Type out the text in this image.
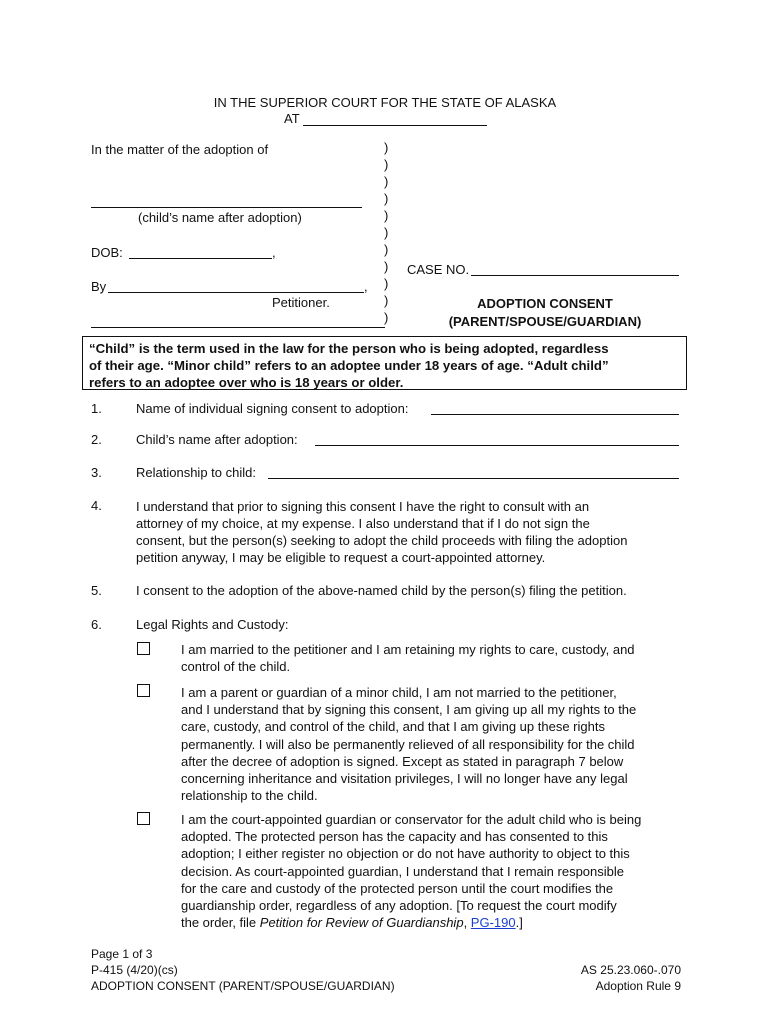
IN THE SUPERIOR COURT FOR THE STATE OF ALASKA
AT
In the matter of the adoption of
(child’s name after adoption)
DOB:	,
By	,
Petitioner.
)
)
)
)
)
)
)
)
)
)
)
CASE NO.
ADOPTION CONSENT
(PARENT/SPOUSE/GUARDIAN)
“Child” is the term used in the law for the person who is being adopted, regardless
of their age. “Minor child” refers to an adoptee under 18 years of age. “Adult child”
refers to an adoptee over who is 18 years or older.
1.	Name of individual signing consent to adoption:
2.	Child’s name after adoption:
3.	Relationship to child:
4.	I understand that prior to signing this consent I have the right to consult with an
attorney of my choice, at my expense. I also understand that if I do not sign the
consent, but the person(s) seeking to adopt the child proceeds with filing the adoption
petition anyway, I may be eligible to request a court-appointed attorney.
5.	I consent to the adoption of the above-named child by the person(s) filing the petition.
6.	Legal Rights and Custody:
I am married to the petitioner and I am retaining my rights to care, custody, and
control of the child.
I am a parent or guardian of a minor child, I am not married to the petitioner,
and I understand that by signing this consent, I am giving up all my rights to the
care, custody, and control of the child, and that I am giving up these rights
permanently. I will also be permanently relieved of all responsibility for the child
after the decree of adoption is signed. Except as stated in paragraph 7 below
concerning inheritance and visitation privileges, I will no longer have any legal
relationship to the child.
I am the court-appointed guardian or conservator for the adult child who is being
adopted. The protected person has the capacity and has consented to this
adoption; I either register no objection or do not have authority to object to this
decision. As court-appointed guardian, I understand that I remain responsible
for the care and custody of the protected person until the court modifies the
guardianship order, regardless of any adoption. [To request the court modify
the order, file Petition for Review of Guardianship, PG-190.]
Page 1 of 3
P-415 (4/20)(cs)
ADOPTION CONSENT (PARENT/SPOUSE/GUARDIAN)
AS 25.23.060-.070
Adoption Rule 9
